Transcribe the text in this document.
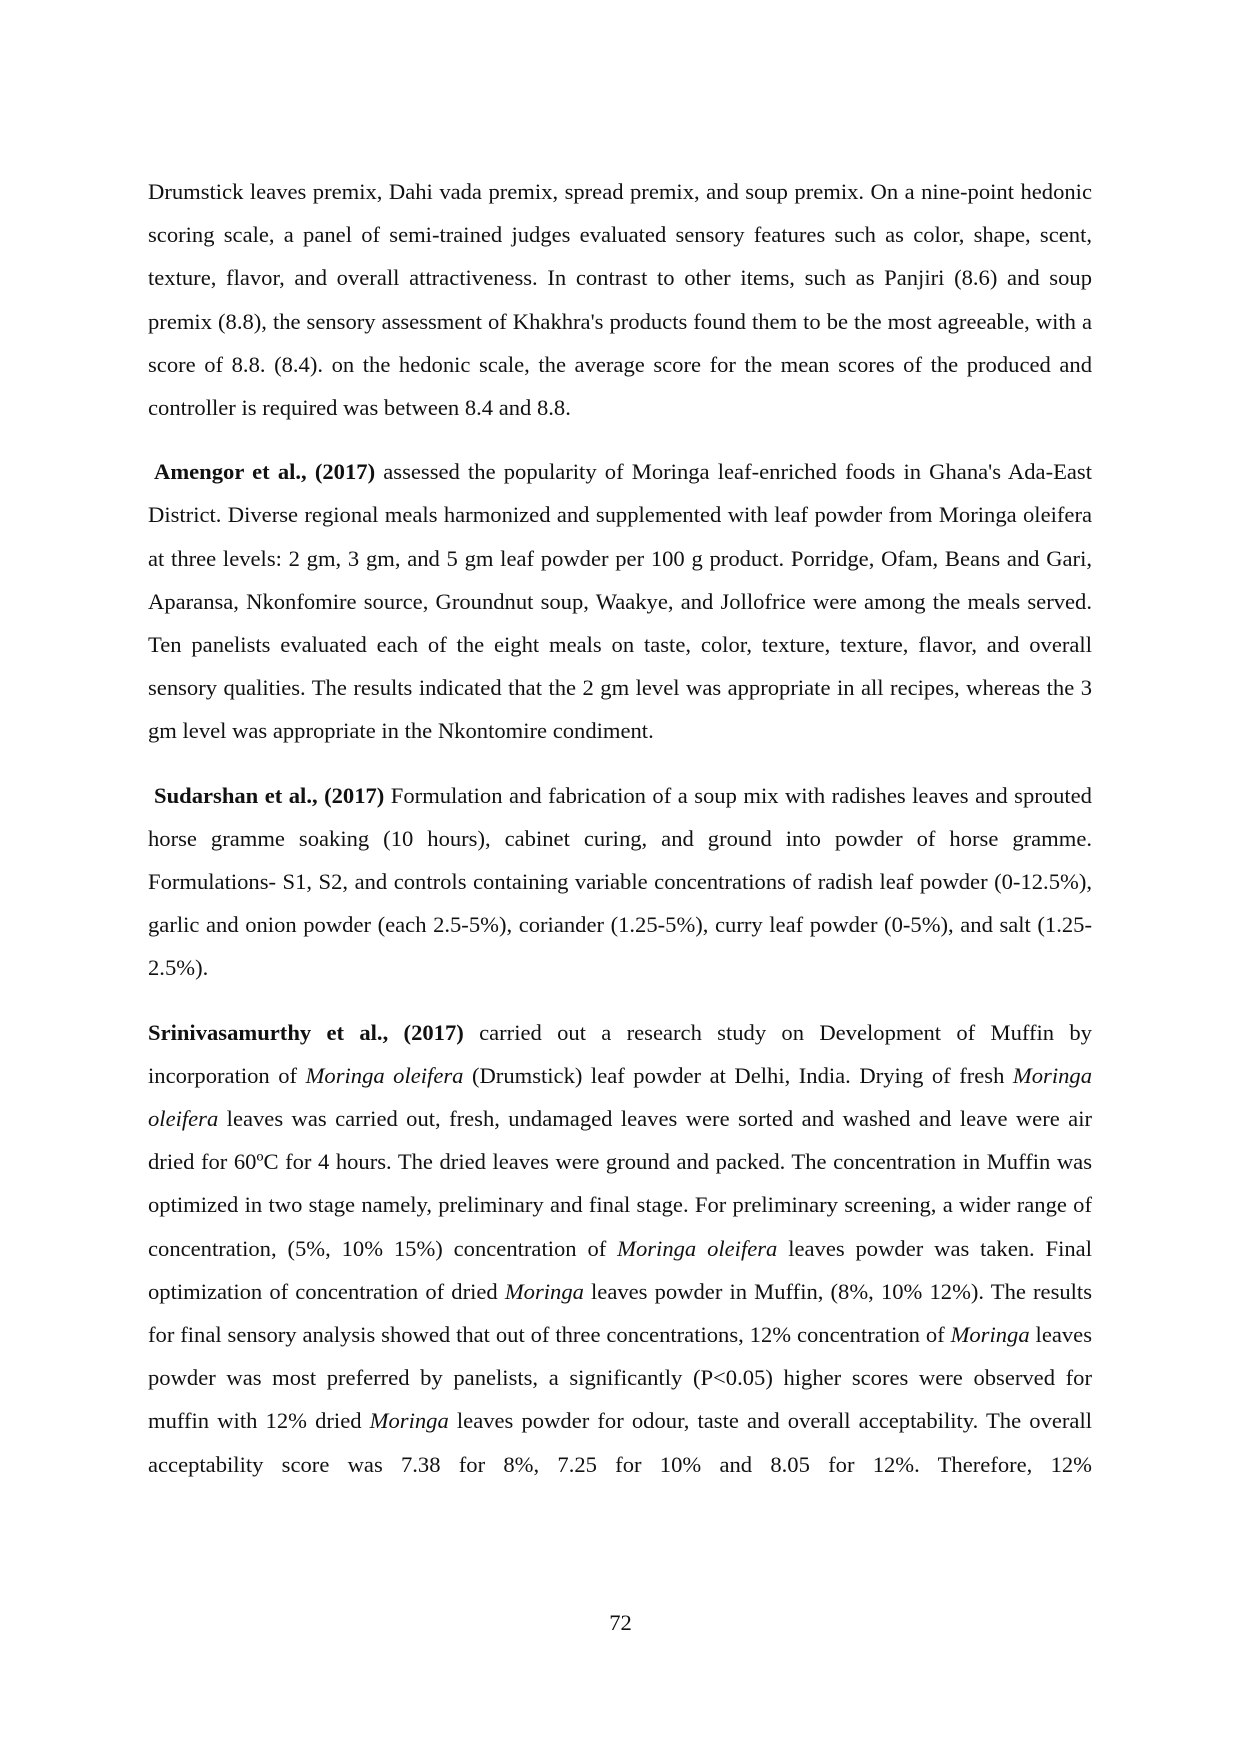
Drumstick leaves premix, Dahi vada premix, spread premix, and soup premix. On a nine-point hedonic scoring scale, a panel of semi-trained judges evaluated sensory features such as color, shape, scent, texture, flavor, and overall attractiveness. In contrast to other items, such as Panjiri (8.6) and soup premix (8.8), the sensory assessment of Khakhra's products found them to be the most agreeable, with a score of 8.8. (8.4). on the hedonic scale, the average score for the mean scores of the produced and controller is required was between 8.4 and 8.8.

Amengor et al., (2017) assessed the popularity of Moringa leaf-enriched foods in Ghana's Ada-East District. Diverse regional meals harmonized and supplemented with leaf powder from Moringa oleifera at three levels: 2 gm, 3 gm, and 5 gm leaf powder per 100 g product. Porridge, Ofam, Beans and Gari, Aparansa, Nkonfomire source, Groundnut soup, Waakye, and Jollofrice were among the meals served. Ten panelists evaluated each of the eight meals on taste, color, texture, texture, flavor, and overall sensory qualities. The results indicated that the 2 gm level was appropriate in all recipes, whereas the 3 gm level was appropriate in the Nkontomire condiment.

Sudarshan et al., (2017) Formulation and fabrication of a soup mix with radishes leaves and sprouted horse gramme soaking (10 hours), cabinet curing, and ground into powder of horse gramme. Formulations- S1, S2, and controls containing variable concentrations of radish leaf powder (0-12.5%), garlic and onion powder (each 2.5-5%), coriander (1.25-5%), curry leaf powder (0-5%), and salt (1.25-2.5%).

Srinivasamurthy et al., (2017) carried out a research study on Development of Muffin by incorporation of Moringa oleifera (Drumstick) leaf powder at Delhi, India. Drying of fresh Moringa oleifera leaves was carried out, fresh, undamaged leaves were sorted and washed and leave were air dried for 60ºC for 4 hours. The dried leaves were ground and packed. The concentration in Muffin was optimized in two stage namely, preliminary and final stage. For preliminary screening, a wider range of concentration, (5%, 10% 15%) concentration of Moringa oleifera leaves powder was taken. Final optimization of concentration of dried Moringa leaves powder in Muffin, (8%, 10% 12%). The results for final sensory analysis showed that out of three concentrations, 12% concentration of Moringa leaves powder was most preferred by panelists, a significantly (P<0.05) higher scores were observed for muffin with 12% dried Moringa leaves powder for odour, taste and overall acceptability. The overall acceptability score was 7.38 for 8%, 7.25 for 10% and 8.05 for 12%. Therefore, 12%

72
